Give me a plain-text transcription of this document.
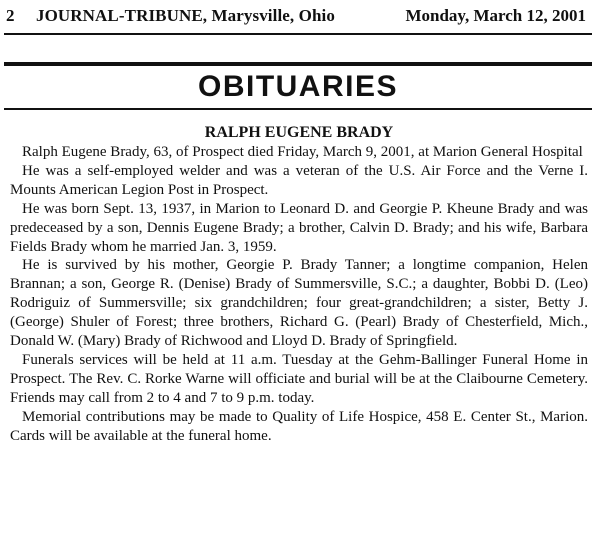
2 JOURNAL-TRIBUNE, Marysville, Ohio	Monday, March 12, 2001
OBITUARIES
RALPH EUGENE BRADY

Ralph Eugene Brady, 63, of Prospect died Friday, March 9, 2001, at Marion General Hospital

He was a self-employed welder and was a veteran of the U.S. Air Force and the Verne I. Mounts American Legion Post in Prospect.

He was born Sept. 13, 1937, in Marion to Leonard D. and Georgie P. Kheune Brady and was predeceased by a son, Dennis Eugene Brady; a brother, Calvin D. Brady; and his wife, Barbara Fields Brady whom he married Jan. 3, 1959.

He is survived by his mother, Georgie P. Brady Tanner; a longtime companion, Helen Brannan; a son, George R. (Denise) Brady of Summersville, S.C.; a daughter, Bobbi D. (Leo) Rodriguiz of Summersville; six grandchildren; four great-grandchildren; a sister, Betty J. (George) Shuler of Forest; three brothers, Richard G. (Pearl) Brady of Chesterfield, Mich., Donald W. (Mary) Brady of Richwood and Lloyd D. Brady of Springfield.

Funerals services will be held at 11 a.m. Tuesday at the Gehm-Ballinger Funeral Home in Prospect. The Rev. C. Rorke Warne will officiate and burial will be at the Claibourne Cemetery. Friends may call from 2 to 4 and 7 to 9 p.m. today.

Memorial contributions may be made to Quality of Life Hospice, 458 E. Center St., Marion. Cards will be available at the funeral home.
